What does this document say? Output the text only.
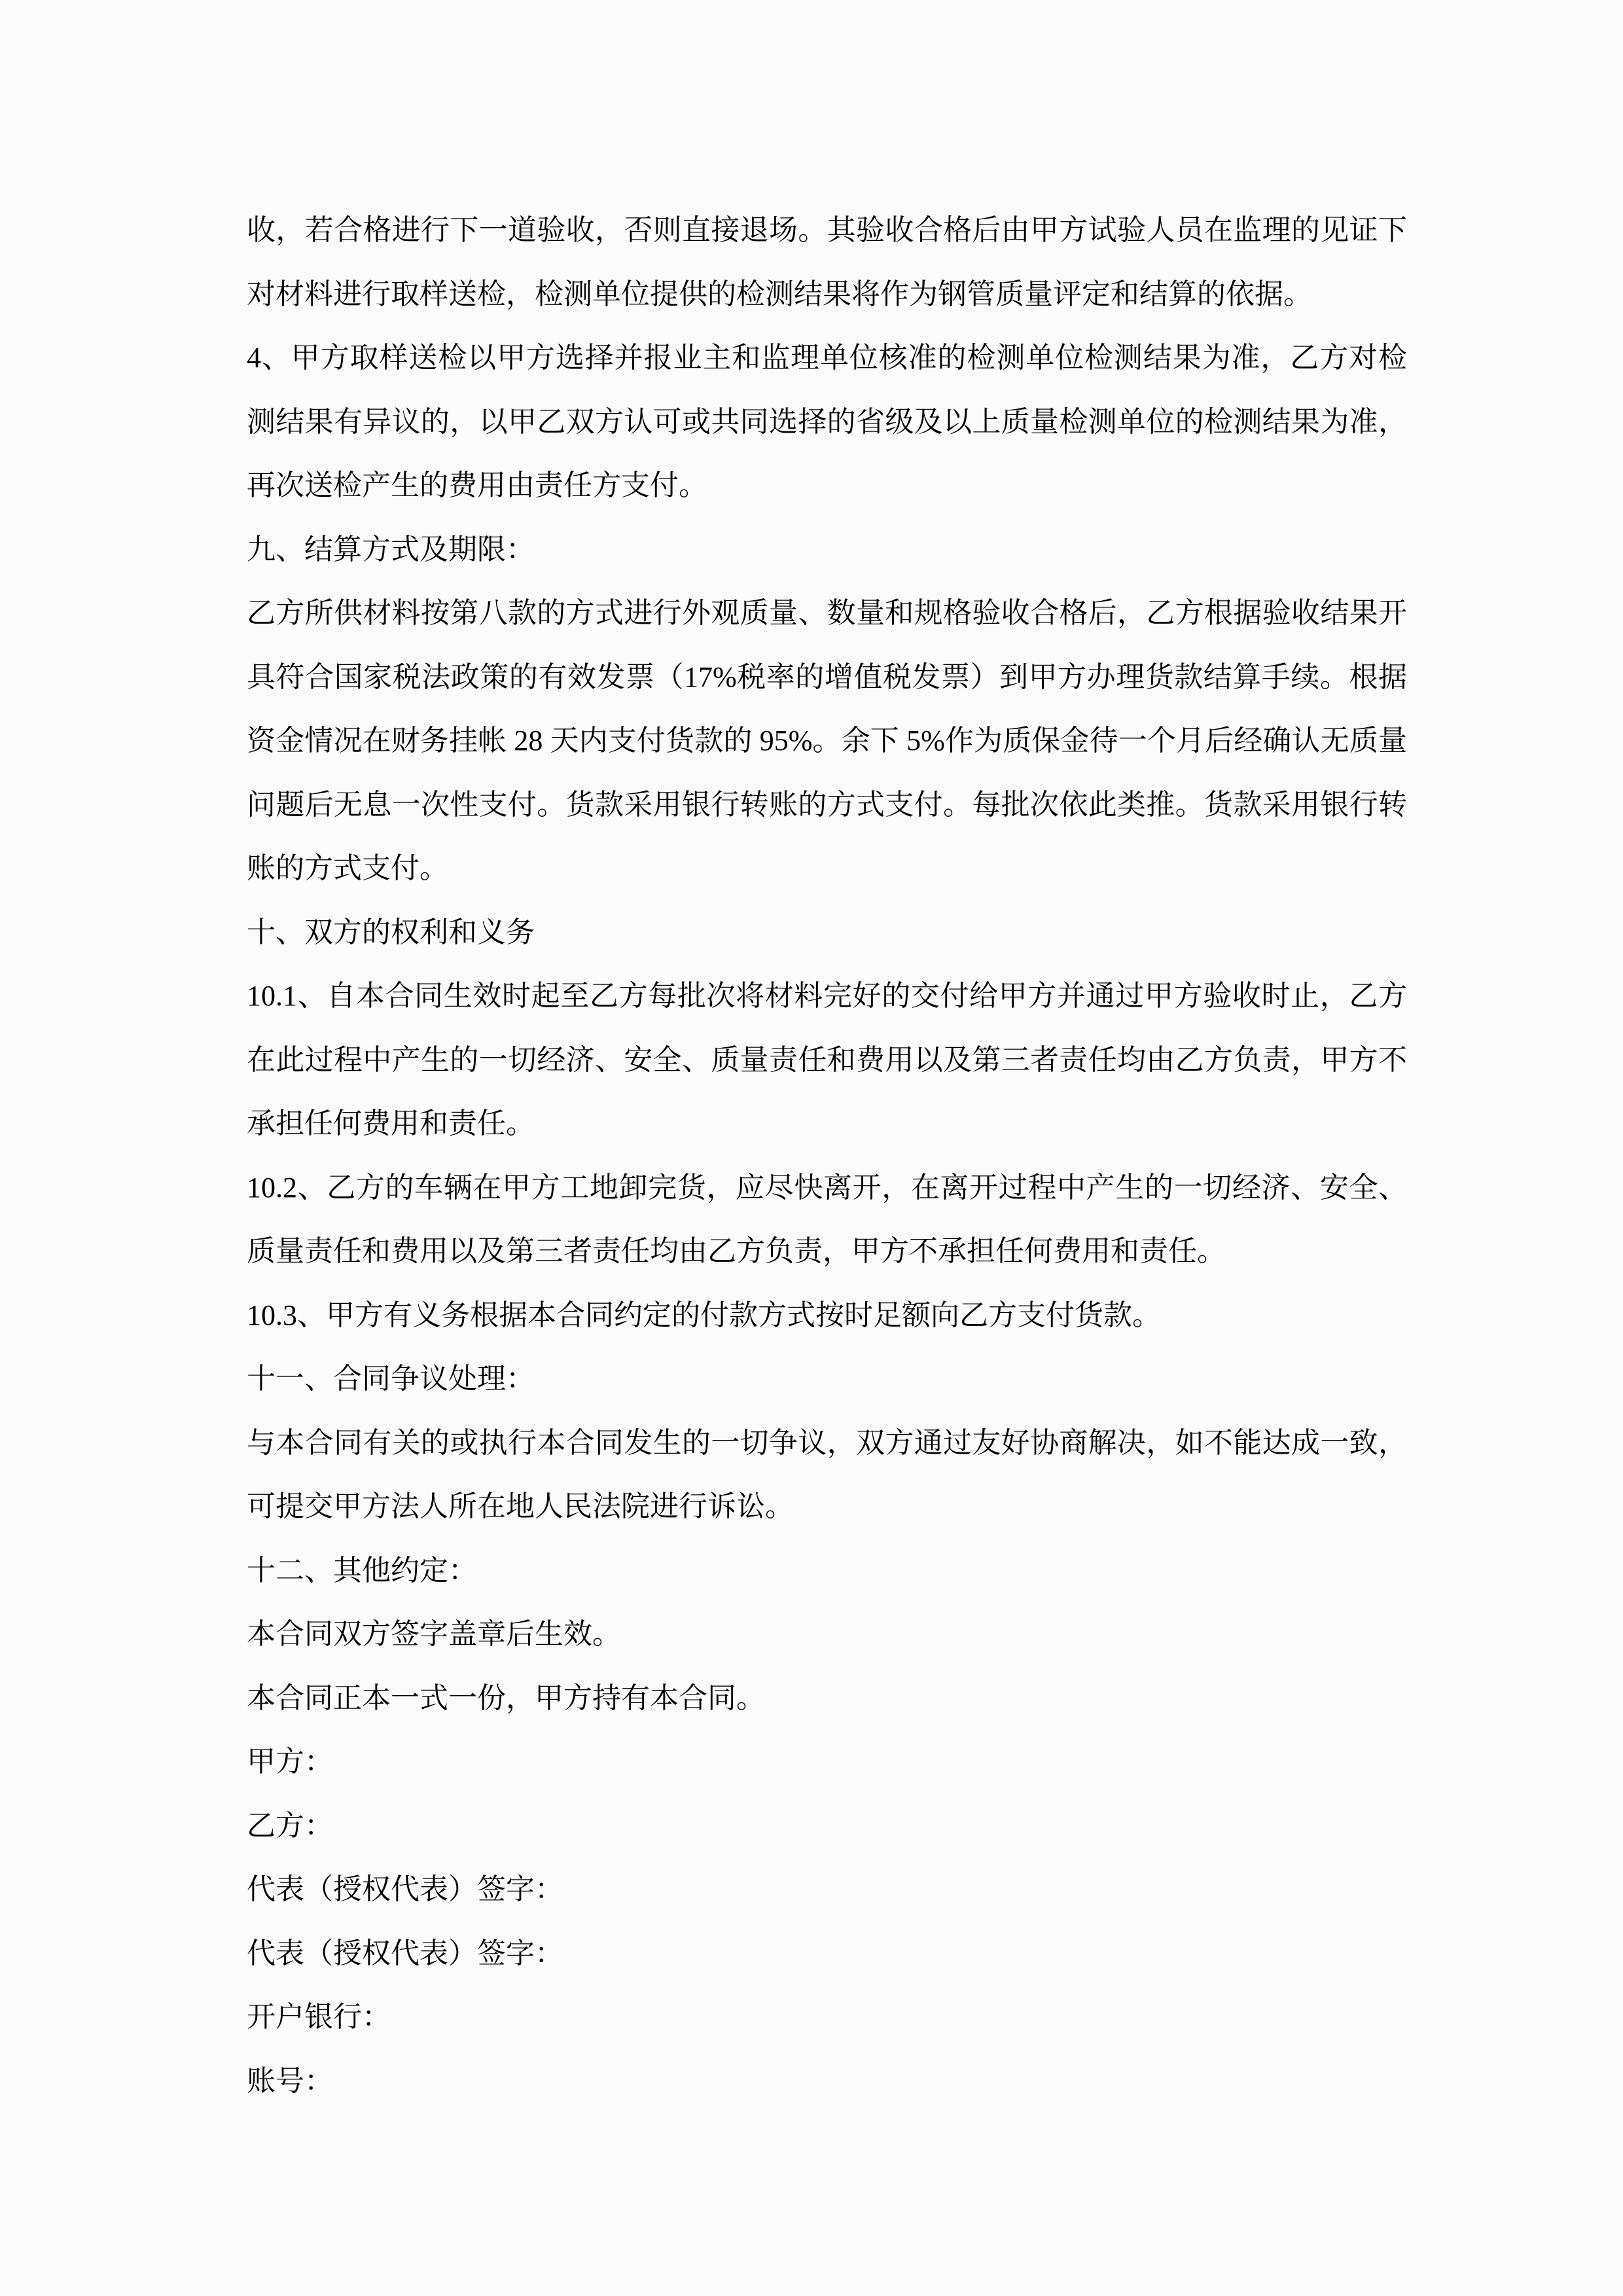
收，若合格进行下一道验收，否则直接退场。其验收合格后由甲方试验人员在监理的见证下
对材料进行取样送检，检测单位提供的检测结果将作为钢管质量评定和结算的依据。
4、甲方取样送检以甲方选择并报业主和监理单位核准的检测单位检测结果为准，乙方对检
测结果有异议的，以甲乙双方认可或共同选择的省级及以上质量检测单位的检测结果为准，
再次送检产生的费用由责任方支付。
九、结算方式及期限：
乙方所供材料按第八款的方式进行外观质量、数量和规格验收合格后，乙方根据验收结果开
具符合国家税法政策的有效发票（17%税率的增值税发票）到甲方办理货款结算手续。根据
资金情况在财务挂帐 28 天内支付货款的 95%。余下 5%作为质保金待一个月后经确认无质量
问题后无息一次性支付。货款采用银行转账的方式支付。每批次依此类推。货款采用银行转
账的方式支付。
十、双方的权利和义务
10.1、自本合同生效时起至乙方每批次将材料完好的交付给甲方并通过甲方验收时止，乙方
在此过程中产生的一切经济、安全、质量责任和费用以及第三者责任均由乙方负责，甲方不
承担任何费用和责任。
10.2、乙方的车辆在甲方工地卸完货，应尽快离开，在离开过程中产生的一切经济、安全、
质量责任和费用以及第三者责任均由乙方负责，甲方不承担任何费用和责任。
10.3、甲方有义务根据本合同约定的付款方式按时足额向乙方支付货款。
十一、合同争议处理：
与本合同有关的或执行本合同发生的一切争议，双方通过友好协商解决，如不能达成一致，
可提交甲方法人所在地人民法院进行诉讼。
十二、其他约定：
本合同双方签字盖章后生效。
本合同正本一式一份，甲方持有本合同。
甲方：
乙方：
代表（授权代表）签字：
代表（授权代表）签字：
开户银行：
账号：
